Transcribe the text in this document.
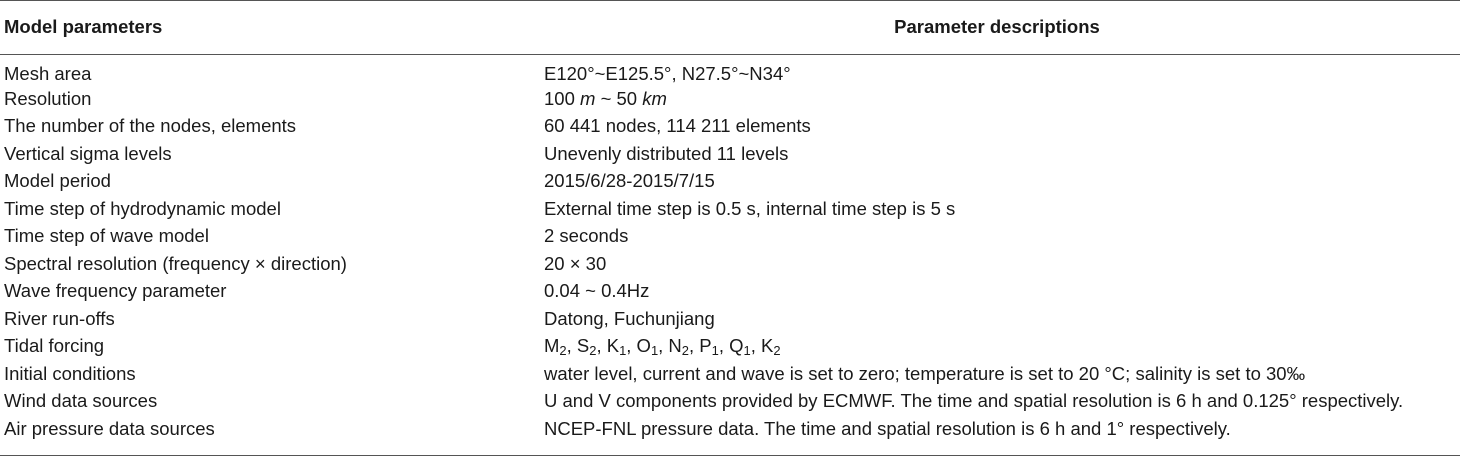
Model parameters	Parameter descriptions
Mesh area	E120°~E125.5°, N27.5°~N34°
Resolution	100 m ~ 50 km
The number of the nodes, elements	60 441 nodes, 114 211 elements
Vertical sigma levels	Unevenly distributed 11 levels
Model period	2015/6/28-2015/7/15
Time step of hydrodynamic model	External time step is 0.5 s, internal time step is 5 s
Time step of wave model	2 seconds
Spectral resolution (frequency × direction)	20 × 30
Wave frequency parameter	0.04 ~ 0.4Hz
River run-offs	Datong, Fuchunjiang
Tidal forcing	$M_2$, $S_2$, $K_1$, $O_1$, $N_2$, $P_1$, $Q_1$, $K_2$
Initial conditions	water level, current and wave is set to zero; temperature is set to 20 °C; salinity is set to 30‰
Wind data sources	U and V components provided by ECMWF. The time and spatial resolution is 6 h and 0.125° respectively.
Air pressure data sources	NCEP-FNL pressure data. The time and spatial resolution is 6 h and 1° respectively.
